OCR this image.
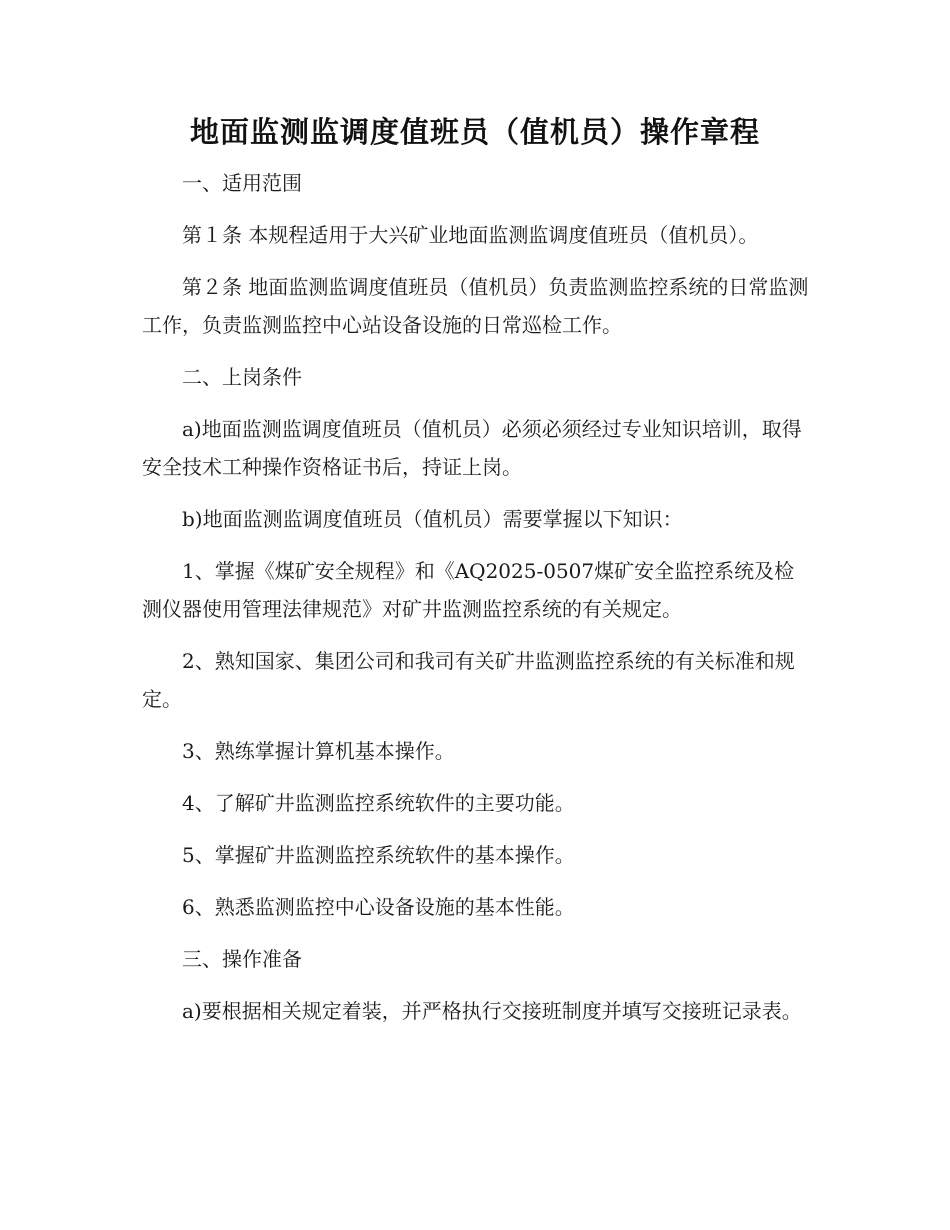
地面监测监调度值班员（值机员）操作章程

一、适用范围

第１条 本规程适用于大兴矿业地面监测监调度值班员（值机员）。

第２条 地面监测监调度值班员（值机员）负责监测监控系统的日常监测工作，负责监测监控中心站设备设施的日常巡检工作。

二、上岗条件

a)地面监测监调度值班员（值机员）必须必须经过专业知识培训，取得安全技术工种操作资格证书后，持证上岗。

b)地面监测监调度值班员（值机员）需要掌握以下知识：

1、掌握《煤矿安全规程》和《AQ2025-0507煤矿安全监控系统及检测仪器使用管理法律规范》对矿井监测监控系统的有关规定。

2、熟知国家、集团公司和我司有关矿井监测监控系统的有关标准和规定。

3、熟练掌握计算机基本操作。

4、了解矿井监测监控系统软件的主要功能。

5、掌握矿井监测监控系统软件的基本操作。

6、熟悉监测监控中心设备设施的基本性能。

三、操作准备

a)要根据相关规定着装，并严格执行交接班制度并填写交接班记录表。
